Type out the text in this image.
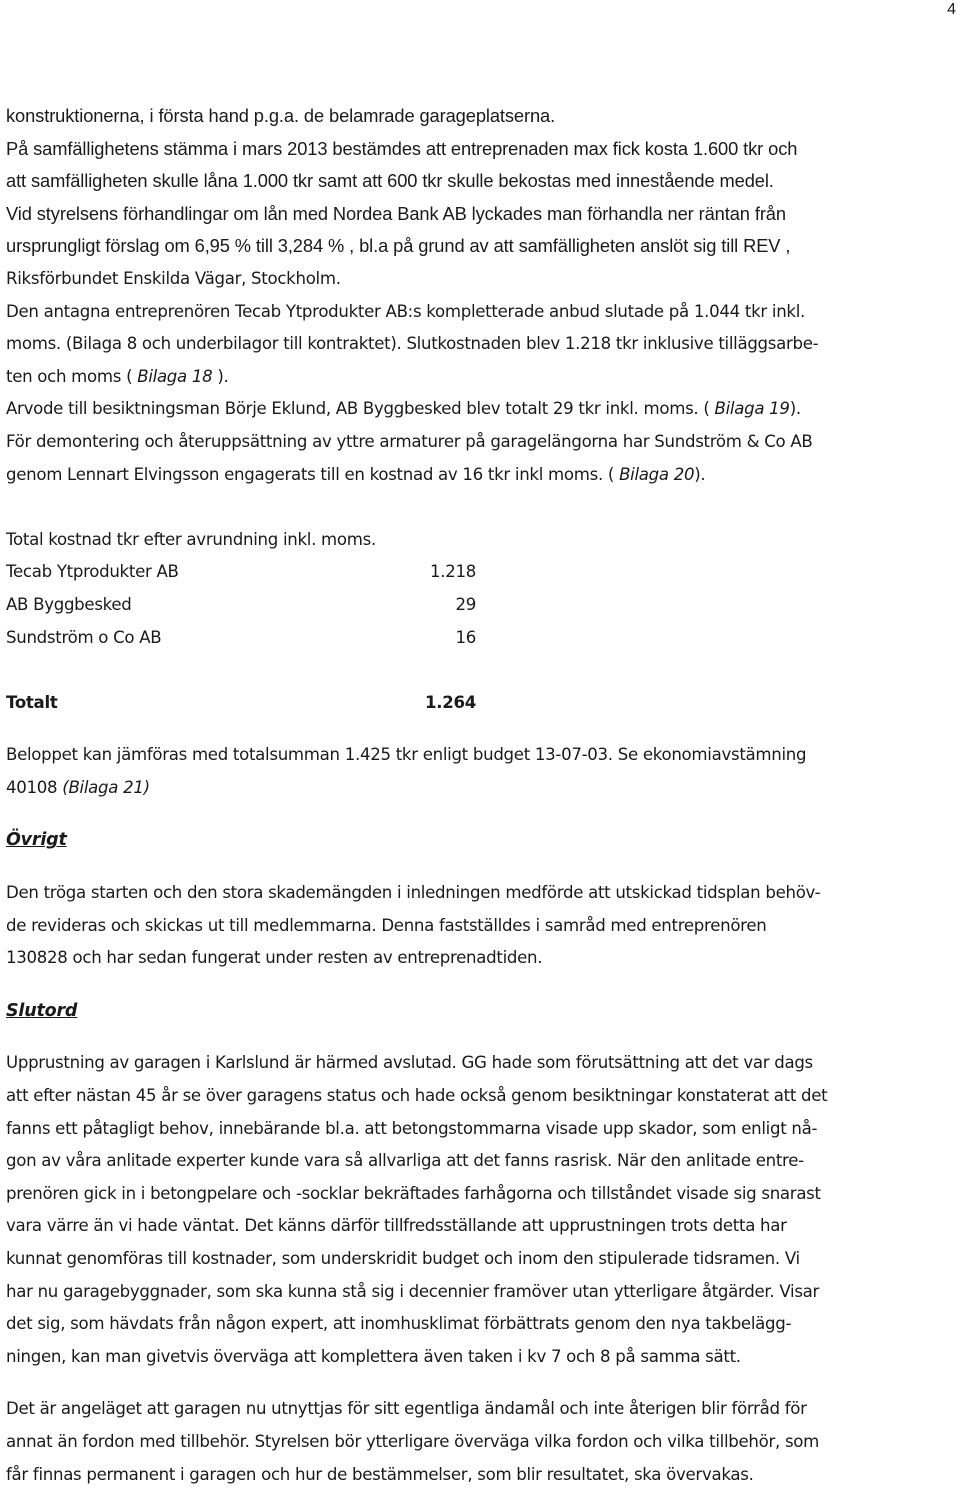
4
konstruktionerna, i första hand p.g.a. de belamrade garageplatserna.
På samfällighetens stämma i mars 2013 bestämdes att entreprenaden max fick kosta 1.600 tkr och
att samfälligheten skulle låna 1.000 tkr samt att 600 tkr skulle bekostas med innestående medel.
Vid styrelsens förhandlingar om lån med Nordea Bank AB lyckades man förhandla ner räntan från
ursprungligt förslag om 6,95 % till 3,284 % , bl.a på grund av att samfälligheten anslöt sig till REV ,
Riksförbundet Enskilda Vägar, Stockholm.
Den antagna entreprenören Tecab Ytprodukter AB:s kompletterade anbud slutade på 1.044 tkr inkl.
moms. (Bilaga 8 och underbilagor till kontraktet). Slutkostnaden blev 1.218 tkr inklusive tilläggsarbe-
ten och moms ( Bilaga 18 ).
Arvode till besiktningsman Börje Eklund, AB Byggbesked blev totalt 29 tkr inkl. moms. ( Bilaga 19).
För demontering och återuppsättning av yttre armaturer på garagelängorna har Sundström & Co AB
genom Lennart Elvingsson engagerats till en kostnad av 16 tkr inkl moms. ( Bilaga 20).
Total kostnad tkr efter avrundning inkl. moms.
Tecab Ytprodukter AB	1.218
AB Byggbesked	29
Sundström o Co AB	16
Totalt	1.264
Beloppet kan jämföras med totalsumman 1.425 tkr enligt budget 13-07-03. Se ekonomiavstämning
40108 (Bilaga 21)
Övrigt
Den tröga starten och den stora skademängden i inledningen medförde att utskickad tidsplan behöv-
de revideras och skickas ut till medlemmarna. Denna fastställdes i samråd med entreprenören
130828 och har sedan fungerat under resten av entreprenadtiden.
Slutord
Upprustning av garagen i Karlslund är härmed avslutad. GG hade som förutsättning att det var dags
att efter nästan 45 år se över garagens status och hade också genom besiktningar konstaterat att det
fanns ett påtagligt behov, innebärande bl.a. att betongstommarna visade upp skador, som enligt nå-
gon av våra anlitade experter kunde vara så allvarliga att det fanns rasrisk. När den anlitade entre-
prenören gick in i betongpelare och -socklar bekräftades farhågorna och tillståndet visade sig snarast
vara värre än vi hade väntat. Det känns därför tillfredsställande att upprustningen trots detta har
kunnat genomföras till kostnader, som underskridit budget och inom den stipulerade tidsramen. Vi
har nu garagebyggnader, som ska kunna stå sig i decennier framöver utan ytterligare åtgärder. Visar
det sig, som hävdats från någon expert, att inomhusklimat förbättrats genom den nya takbelägg-
ningen, kan man givetvis överväga att komplettera även taken i kv 7 och 8 på samma sätt.
Det är angeläget att garagen nu utnyttjas för sitt egentliga ändamål och inte återigen blir förråd för
annat än fordon med tillbehör. Styrelsen bör ytterligare överväga vilka fordon och vilka tillbehör, som
får finnas permanent i garagen och hur de bestämmelser, som blir resultatet, ska övervakas.
